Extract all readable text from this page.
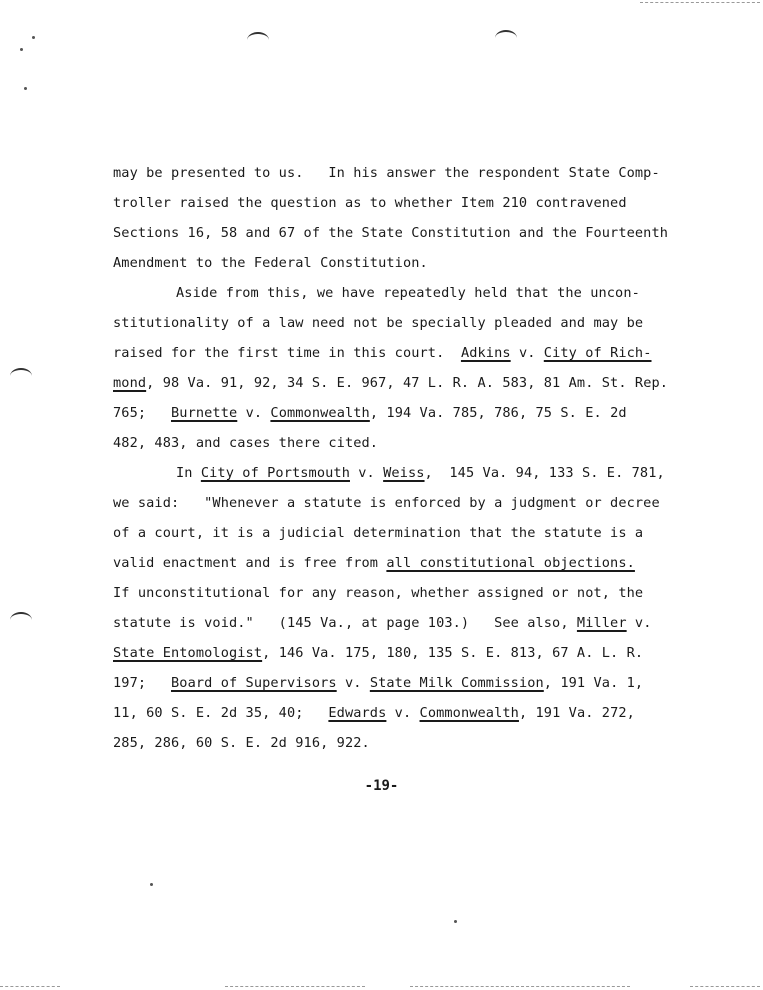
may be presented to us.   In his answer the respondent State Comp-
troller raised the question as to whether Item 210 contravened
Sections 16, 58 and 67 of the State Constitution and the Fourteenth
Amendment to the Federal Constitution.
Aside from this, we have repeatedly held that the uncon-
stitutionality of a law need not be specially pleaded and may be
raised for the first time in this court.  Adkins v. City of Rich-
mond, 98 Va. 91, 92, 34 S. E. 967, 47 L. R. A. 583, 81 Am. St. Rep.
765;   Burnette v. Commonwealth, 194 Va. 785, 786, 75 S. E. 2d
482, 483, and cases there cited.
In City of Portsmouth v. Weiss,  145 Va. 94, 133 S. E. 781,
we said:   "Whenever a statute is enforced by a judgment or decree
of a court, it is a judicial determination that the statute is a
valid enactment and is free from all constitutional objections.
If unconstitutional for any reason, whether assigned or not, the
statute is void."   (145 Va., at page 103.)   See also, Miller v.
State Entomologist, 146 Va. 175, 180, 135 S. E. 813, 67 A. L. R.
197;   Board of Supervisors v. State Milk Commission, 191 Va. 1,
11, 60 S. E. 2d 35, 40;   Edwards v. Commonwealth, 191 Va. 272,
285, 286, 60 S. E. 2d 916, 922.
-19-
